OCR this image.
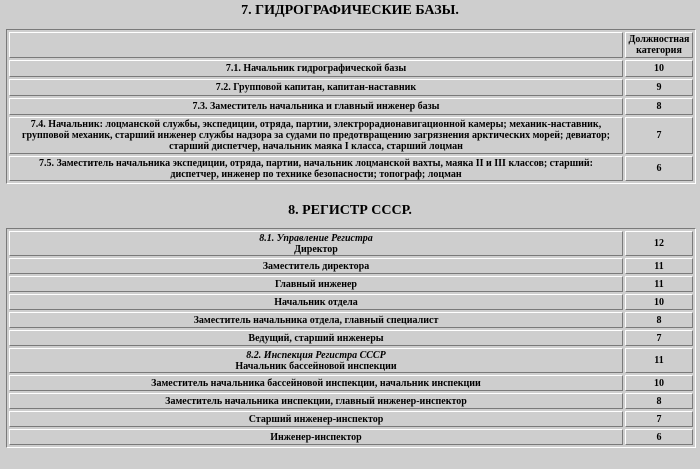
7. ГИДРОГРАФИЧЕСКИЕ БАЗЫ.
	Должностная категория
7.1. Начальник гидрографической базы	10
7.2. Групповой капитан, капитан-наставник	9
7.3. Заместитель начальника и главный инженер базы	8
7.4. Начальник: лоцманской службы, экспедиции, отряда, партии, электрорадионавигационной камеры; механик-наставник, групповой механик, старший инженер службы надзора за судами по предотвращению загрязнения арктических морей; девиатор; старший диспетчер, начальник маяка I класса, старший лоцман	7
7.5. Заместитель начальника экспедиции, отряда, партии, начальник лоцманской вахты, маяка II и III классов; старший: диспетчер, инженер по технике безопасности; топограф; лоцман	6
8. РЕГИСТР СССР.
8.1. Управление Регистра
Директор	12
Заместитель директора	11
Главный инженер	11
Начальник отдела	10
Заместитель начальника отдела, главный специалист	8
Ведущий, старший инженеры	7

8.2. Инспекция Регистра СССР
Начальник бассейновой инспекции	11
Заместитель начальника бассейновой инспекции, начальник инспекции	10
Заместитель начальника инспекции, главный инженер-инспектор	8
Старший инженер-инспектор	7
Инженер-инспектор	6
